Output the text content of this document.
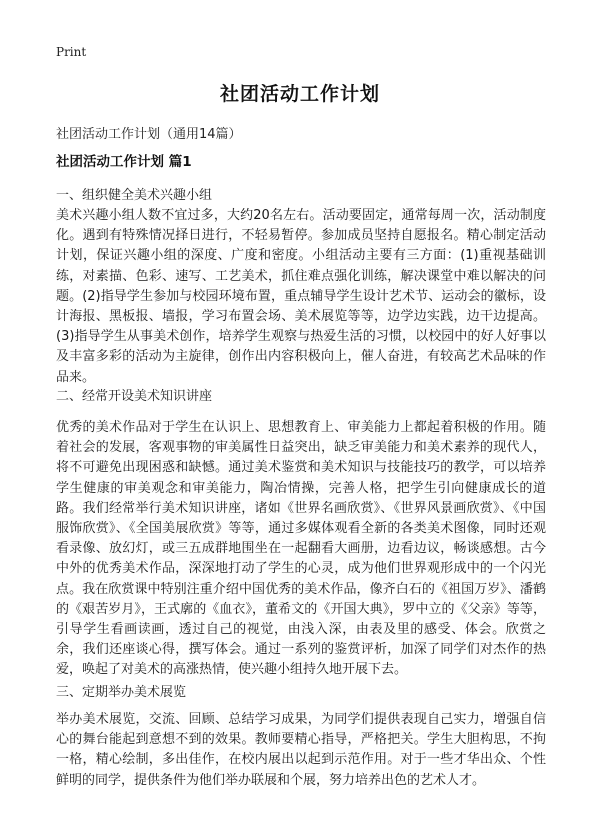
Print
社团活动工作计划
社团活动工作计划（通用14篇）
社团活动工作计划 篇1
一、组织健全美术兴趣小组
美术兴趣小组人数不宜过多，大约20名左右。活动要固定，通常每周一次，活动制度化。遇到有特殊情况择日进行，不轻易暂停。参加成员坚持自愿报名。精心制定活动计划，保证兴趣小组的深度、广度和密度。小组活动主要有三方面：(1)重视基础训练，对素描、色彩、速写、工艺美术，抓住难点强化训练，解决课堂中难以解决的问题。(2)指导学生参加与校园环境布置，重点辅导学生设计艺术节、运动会的徽标，设计海报、黑板报、墙报，学习布置会场、美术展览等等，边学边实践，边干边提高。(3)指导学生从事美术创作，培养学生观察与热爱生活的习惯，以校园中的好人好事以及丰富多彩的活动为主旋律，创作出内容积极向上，催人奋进，有较高艺术品味的作品来。
二、经常开设美术知识讲座
优秀的美术作品对于学生在认识上、思想教育上、审美能力上都起着积极的作用。随着社会的发展，客观事物的审美属性日益突出，缺乏审美能力和美术素养的现代人，将不可避免出现困惑和缺憾。通过美术鉴赏和美术知识与技能技巧的教学，可以培养学生健康的审美观念和审美能力，陶冶情操，完善人格，把学生引向健康成长的道路。我们经常举行美术知识讲座，诸如《世界名画欣赏》、《世界风景画欣赏》、《中国服饰欣赏》、《全国美展欣赏》等等，通过多媒体观看全新的各类美术图像，同时还观看录像、放幻灯，或三五成群地围坐在一起翻看大画册，边看边议，畅谈感想。古今中外的优秀美术作品，深深地打动了学生的心灵，成为他们世界观形成中的一个闪光点。我在欣赏课中特别注重介绍中国优秀的美术作品，像齐白石的《祖国万岁》、潘鹤的《艰苦岁月》，王式廓的《血衣》，董希文的《开国大典》，罗中立的《父亲》等等，引导学生看画读画，透过自己的视觉，由浅入深，由表及里的感受、体会。欣赏之余，我们还座谈心得，撰写体会。通过一系列的鉴赏评析，加深了同学们对杰作的热爱，唤起了对美术的高涨热情，使兴趣小组持久地开展下去。
三、定期举办美术展览
举办美术展览，交流、回顾、总结学习成果，为同学们提供表现自己实力，增强自信心的舞台能起到意想不到的效果。教师要精心指导，严格把关。学生大胆构思，不拘一格，精心绘制，多出佳作，在校内展出以起到示范作用。对于一些才华出众、个性鲜明的同学，提供条件为他们举办联展和个展，努力培养出色的艺术人才。
